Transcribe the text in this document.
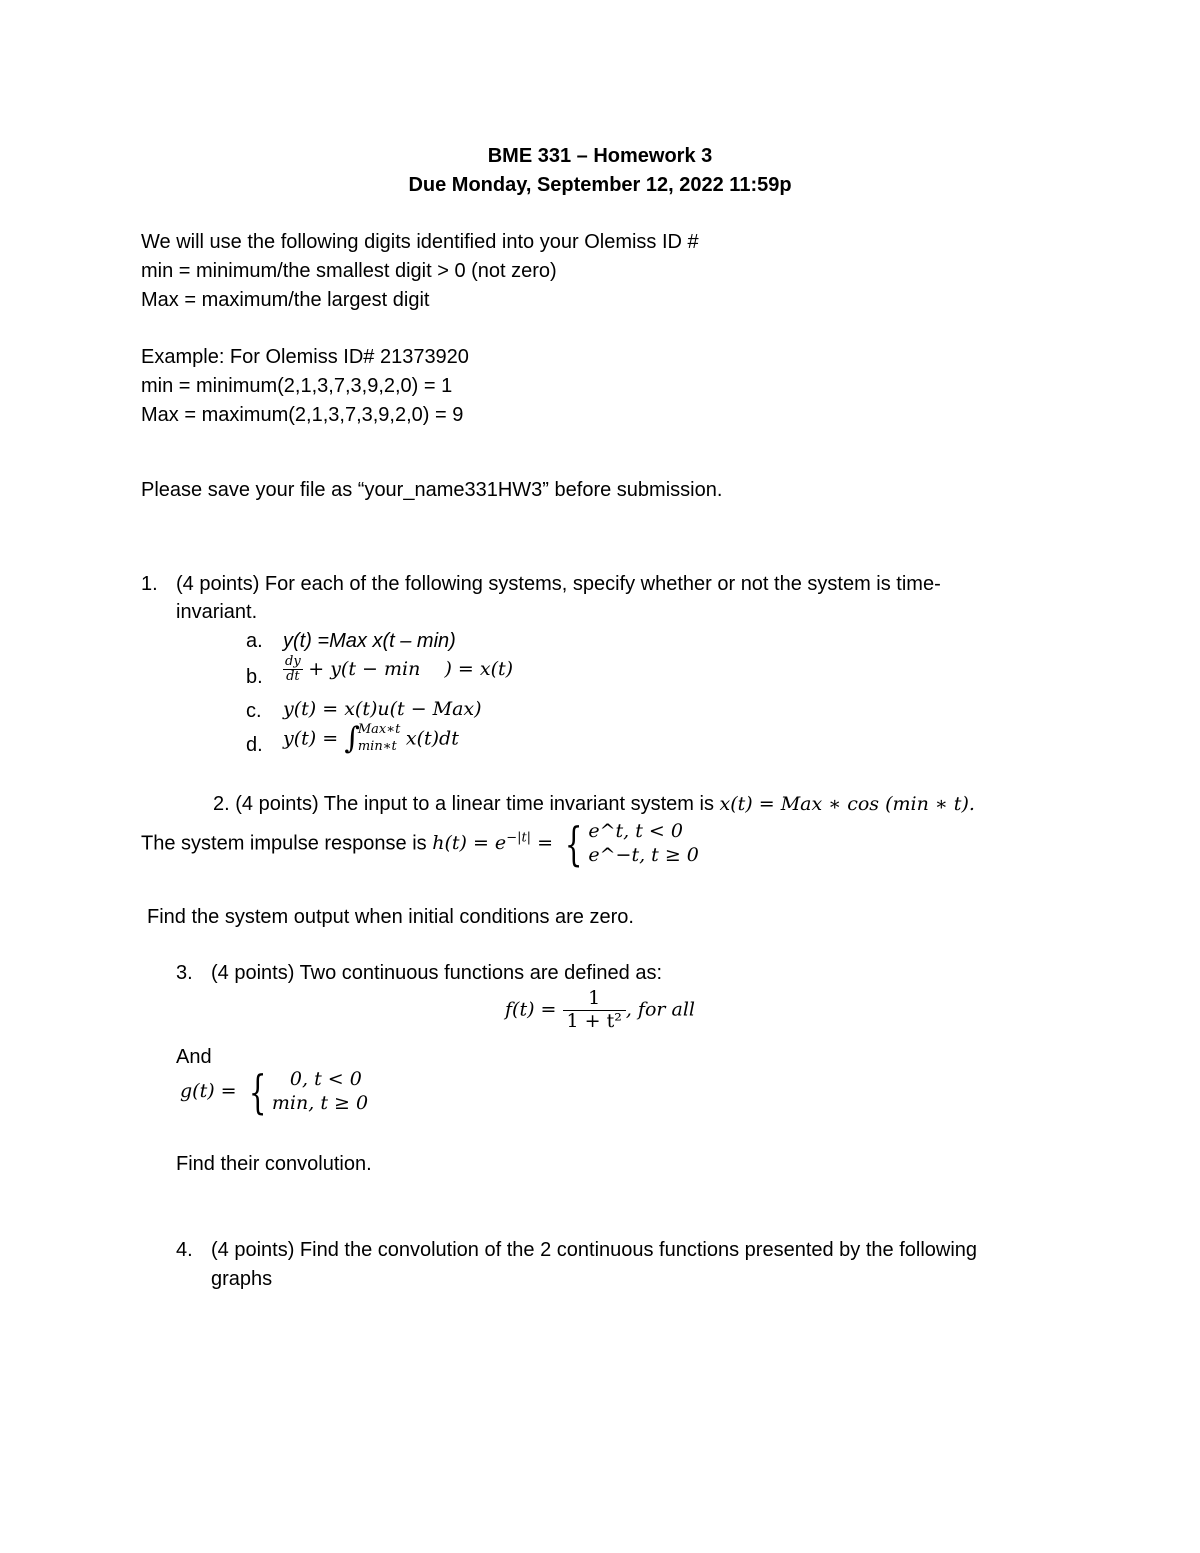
BME 331 – Homework 3
Due Monday, September 12, 2022 11:59p
We will use the following digits identified into your Olemiss ID #
min = minimum/the smallest digit > 0 (not zero)
Max = maximum/the largest digit
Example: For Olemiss ID# 21373920
min = minimum(2,1,3,7,3,9,2,0) = 1
Max = maximum(2,1,3,7,3,9,2,0) = 9
Please save your file as “your_name331HW3” before submission.
1. (4 points) For each of the following systems, specify whether or not the system is time-
invariant.
a. y(t) =Max x(t – min)
b. $\frac{dy}{dt} + y(t - \min$    ) = x(t)
c. y(t) = x(t)u(t − Max)
d. y(t) = ∫
Max∗t
min∗t x(t)dt
2. (4 points) The input to a linear time invariant system is x(t) = Max ∗ cos (min ∗ t).
The system impulse response is $h(t) = e^{-|t|}$ = { e^t, t < 0
e^−t, t ≥ 0
Find the system output when initial conditions are zero.
3. (4 points) Two continuous functions are defined as:
$f(t) = \frac{1}{\text{1 + t²}}$ , for all
And
g(t) = {	0, t < 0
min, t ≥ 0
Find their convolution.
4. (4 points) Find the convolution of the 2 continuous functions presented by the following
graphs
